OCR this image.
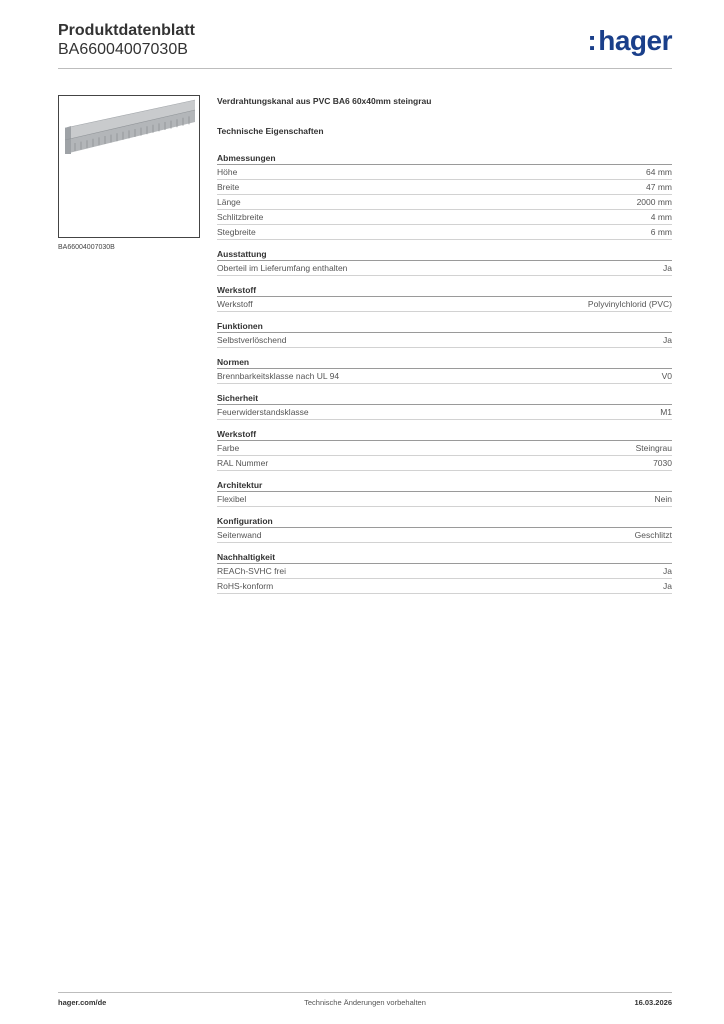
Produktdatenblatt
BA66004007030B	:hager
BA66004007030B
Verdrahtungskanal aus PVC BA6 60x40mm steingrau
Technische Eigenschaften
Abmessungen
Höhe	64 mm
Breite	47 mm
Länge	2000 mm
Schlitzbreite	4 mm
Stegbreite	6 mm
Ausstattung
Oberteil im Lieferumfang enthalten	Ja
Werkstoff
Werkstoff	Polyvinylchlorid (PVC)
Funktionen
Selbstverlöschend	Ja
Normen
Brennbarkeitsklasse nach UL 94	V0
Sicherheit
Feuerwiderstandsklasse	M1
Werkstoff
Farbe	Steingrau
RAL Nummer	7030
Architektur
Flexibel	Nein
Konfiguration
Seitenwand	Geschlitzt
Nachhaltigkeit
REACh-SVHC frei	Ja
RoHS-konform	Ja
hager.com/de	Technische Änderungen vorbehalten	16.03.2026
